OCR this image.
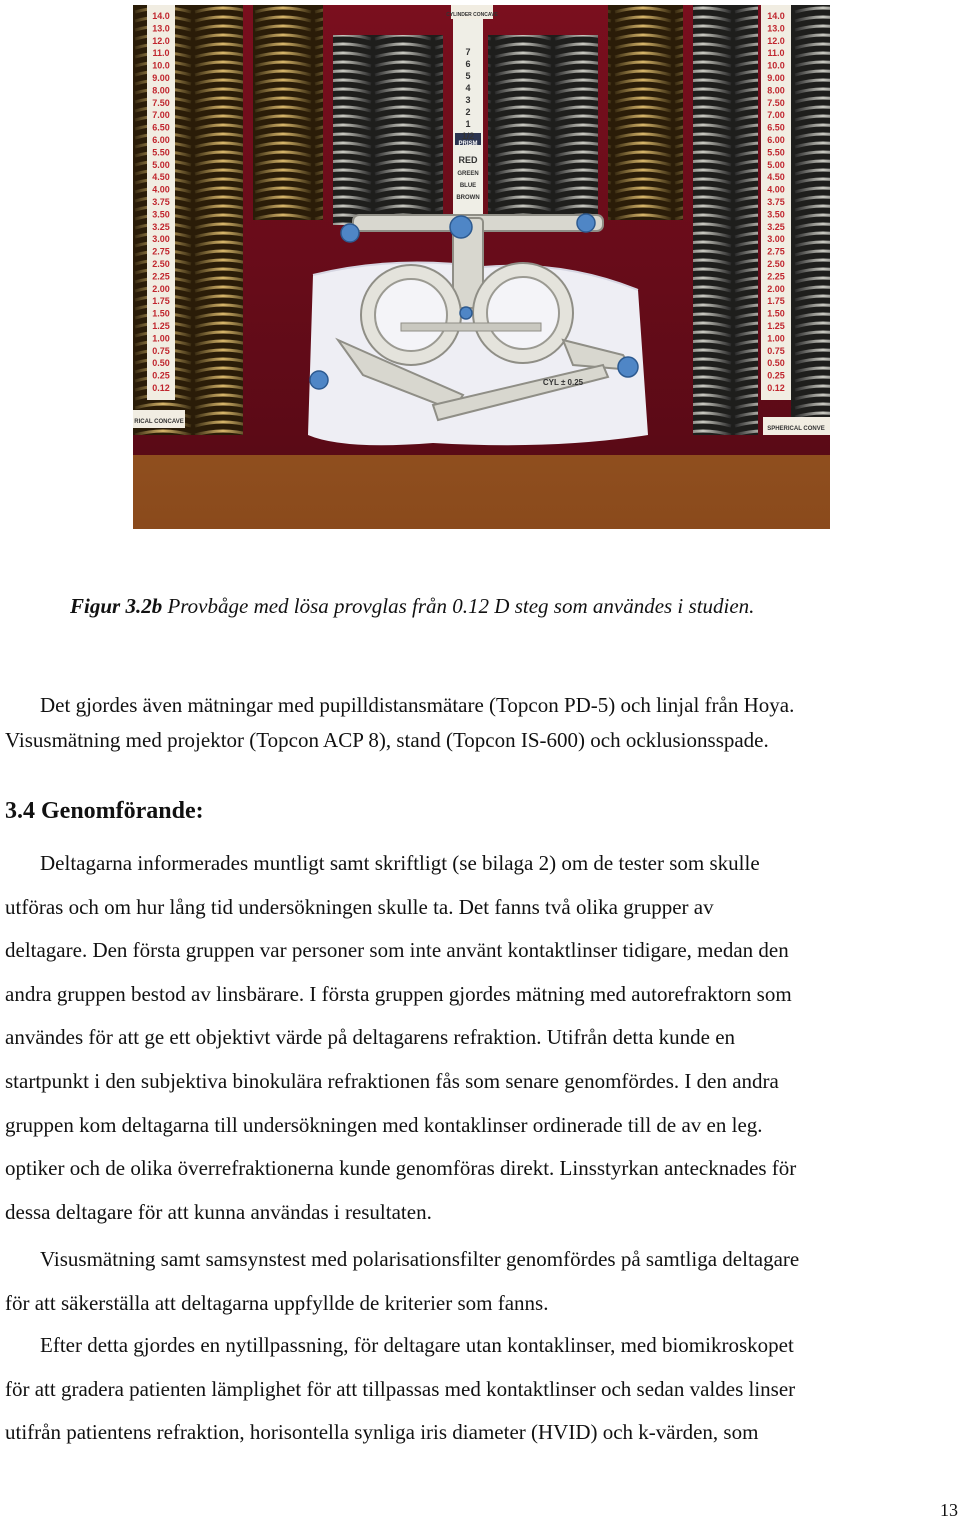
14.0
13.0
12.0
11.0
10.0
9.00
8.00
7.50
7.00
6.50
6.00
5.50
5.00
4.50
4.00
3.75
3.50
3.25
3.00
2.75
2.50
2.25
2.00
1.75
1.50
1.25
1.00
0.75
0.50
0.25
0.12
14.0
13.0
12.0
11.0
10.0
9.00
8.00
7.50
7.00
6.50
6.00
5.50
5.00
4.50
4.00
3.75
3.50
3.25
3.00
2.75
2.50
2.25
2.00
1.75
1.50
1.25
1.00
0.75
0.50
0.25
0.12
7
6
5
4
3
2
1
1/2
PRISM
RED
GREEN
BLUE
BROWN
CYLINDER CONCAVE
RICAL CONCAVE
SPHERICAL CONVE
CYL ± 0.25
Figur 3.2b Provbåge med lösa provglas från 0.12 D steg som användes i studien.
Det gjordes även mätningar med pupilldistansmätare (Topcon PD-5) och linjal från Hoya.
Visusmätning med projektor (Topcon ACP 8), stand (Topcon IS-600) och ocklusionsspade.
3.4 Genomförande:
Deltagarna informerades muntligt samt skriftligt (se bilaga 2) om de tester som skulle
utföras och om hur lång tid undersökningen skulle ta. Det fanns två olika grupper av
deltagare. Den första gruppen var personer som inte använt kontaktlinser tidigare, medan den
andra gruppen bestod av linsbärare. I första gruppen gjordes mätning med autorefraktorn som
användes för att ge ett objektivt värde på deltagarens refraktion. Utifrån detta kunde en
startpunkt i den subjektiva binokulära refraktionen fås som senare genomfördes. I den andra
gruppen kom deltagarna till undersökningen med kontaklinser ordinerade till de av en leg.
optiker och de olika överrefraktionerna kunde genomföras direkt. Linsstyrkan antecknades för
dessa deltagare för att kunna användas i resultaten.
Visusmätning samt samsynstest med polarisationsfilter genomfördes på samtliga deltagare
för att säkerställa att deltagarna uppfyllde de kriterier som fanns.
Efter detta gjordes en nytillpassning, för deltagare utan kontaklinser, med biomikroskopet
för att gradera patienten lämplighet för att tillpassas med kontaktlinser och sedan valdes linser
utifrån patientens refraktion, horisontella synliga iris diameter (HVID) och k-värden, som
13
